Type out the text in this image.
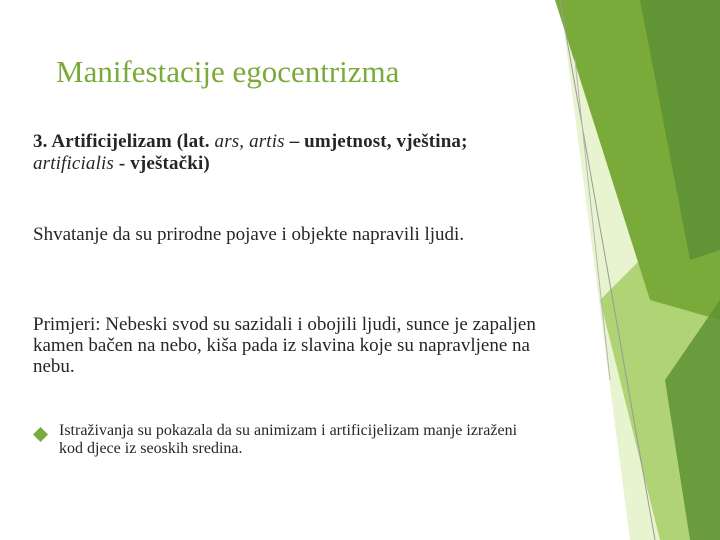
Manifestacije egocentrizma
3. Artificijelizam (lat. ars, artis – umjetnost, vještina; artificialis - vještački)
Shvatanje da su prirodne pojave i objekte napravili ljudi.
Primjeri: Nebeski svod su sazidali i obojili ljudi, sunce je zapaljen kamen bačen na nebo, kiša pada iz slavina koje su napravljene na nebu.
Istraživanja su pokazala da su animizam i artificijelizam manje izraženi kod djece iz seoskih sredina.
